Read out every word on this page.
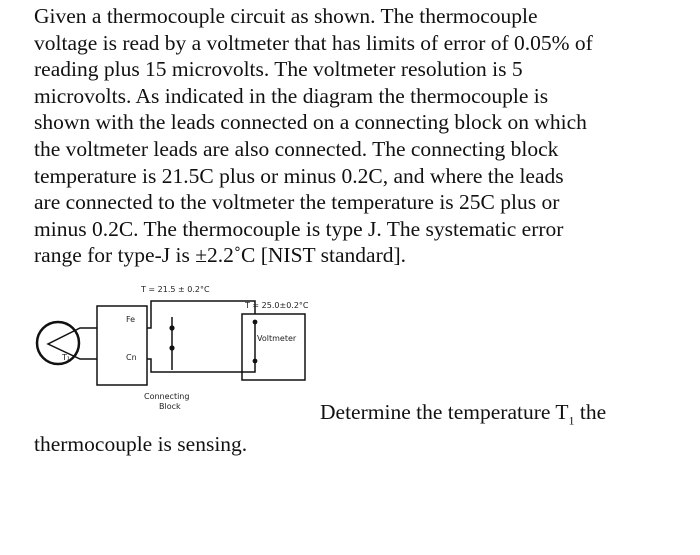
Given a thermocouple circuit as shown. The thermocouple
voltage is read by a voltmeter that has limits of error of 0.05% of
reading plus 15 microvolts. The voltmeter resolution is 5
microvolts. As indicated in the diagram the thermocouple is
shown with the leads connected on a connecting block on which
the voltmeter leads are also connected. The connecting block
temperature is 21.5C plus or minus 0.2C, and where the leads
are connected to the voltmeter the temperature is 25C plus or
minus 0.2C. The thermocouple is type J. The systematic error
range for type-J is ±2.2˚C [NIST standard].
T = 21.5 ± 0.2°C
T = 25.0±0.2°C
Voltmeter
Fe
Cn
T₁
Connecting
Block	Determine the temperature $T_1$ the

thermocouple is sensing.
